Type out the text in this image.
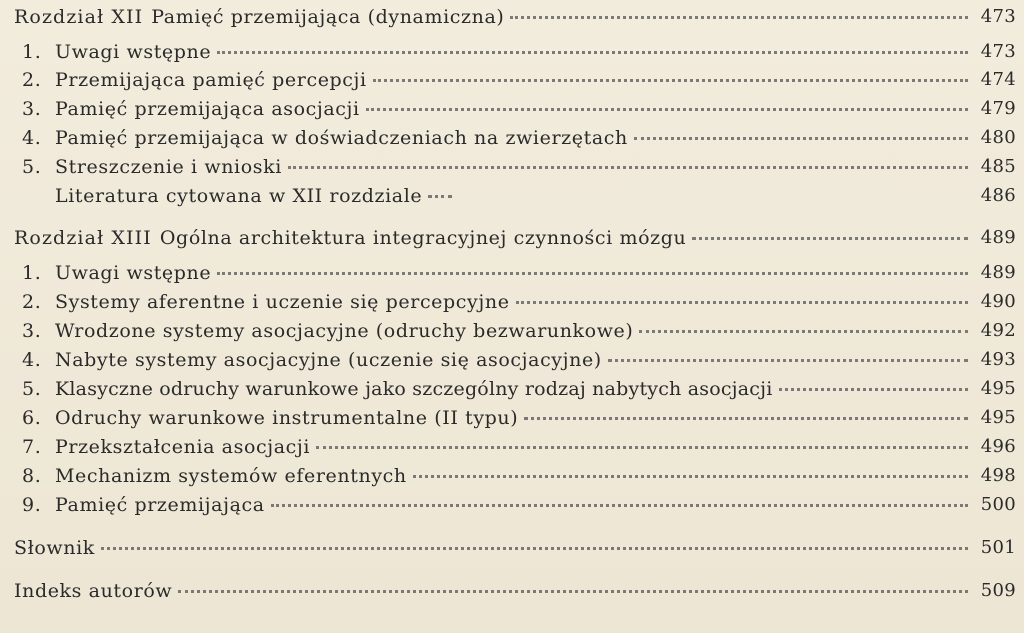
Rozdział XII Pamięć przemijająca (dynamiczna)	473
1. Uwagi wstępne	473
2. Przemijająca pamięć percepcji	474
3. Pamięć przemijająca asocjacji	479
4. Pamięć przemijająca w doświadczeniach na zwierzętach	480
5. Streszczenie i wnioski	485
Literatura cytowana w XII rozdziale	486
Rozdział XIII Ogólna architektura integracyjnej czynności mózgu	489
1. Uwagi wstępne	489
2. Systemy aferentne i uczenie się percepcyjne	490
3. Wrodzone systemy asocjacyjne (odruchy bezwarunkowe)	492
4. Nabyte systemy asocjacyjne (uczenie się asocjacyjne)	493
5. Klasyczne odruchy warunkowe jako szczególny rodzaj nabytych asocjacji	495
6. Odruchy warunkowe instrumentalne (II typu)	495
7. Przekształcenia asocjacji	496
8. Mechanizm systemów eferentnych	498
9. Pamięć przemijająca	500
Słownik	501
Indeks autorów	509
